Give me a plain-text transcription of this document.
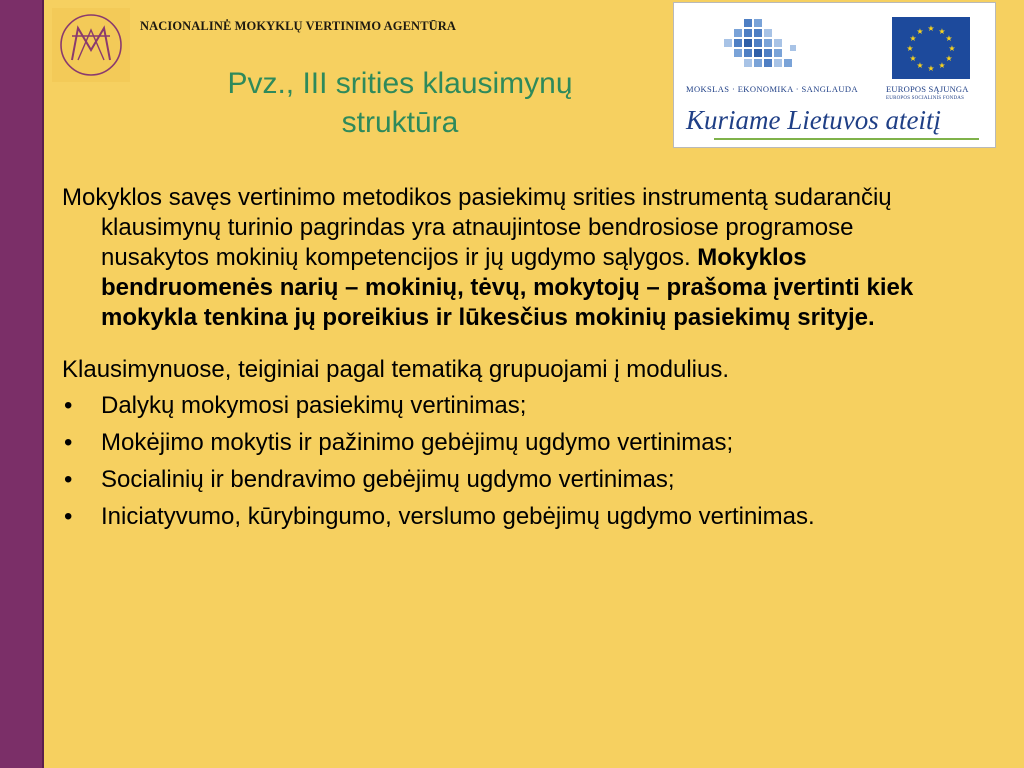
NACIONALINĖ MOKYKLŲ VERTINIMO AGENTŪRA
Pvz., III srities klausimynų
struktūra
MOKSLAS · EKONOMIKA · SANGLAUDA
★ ★
★
★
★
★
★
★
★
★
★
★
EUROPOS SĄJUNGA
EUROPOS SOCIALINIS FONDAS
Kuriame Lietuvos ateitį

Mokyklos savęs vertinimo metodikos pasiekimų srities instrumentą sudarančių klausimynų turinio pagrindas yra atnaujintose bendrosiose programose nusakytos mokinių kompetencijos ir jų ugdymo sąlygos. Mokyklos bendruomenės narių – mokinių, tėvų, mokytojų – prašoma įvertinti kiek mokykla tenkina jų poreikius ir lūkesčius mokinių pasiekimų srityje.

Klausimynuose, teiginiai pagal tematiką grupuojami į modulius.

• Dalykų mokymosi pasiekimų vertinimas;
• Mokėjimo mokytis ir pažinimo gebėjimų ugdymo vertinimas;
• Socialinių ir bendravimo gebėjimų ugdymo vertinimas;
• Iniciatyvumo, kūrybingumo, verslumo gebėjimų ugdymo vertinimas.
